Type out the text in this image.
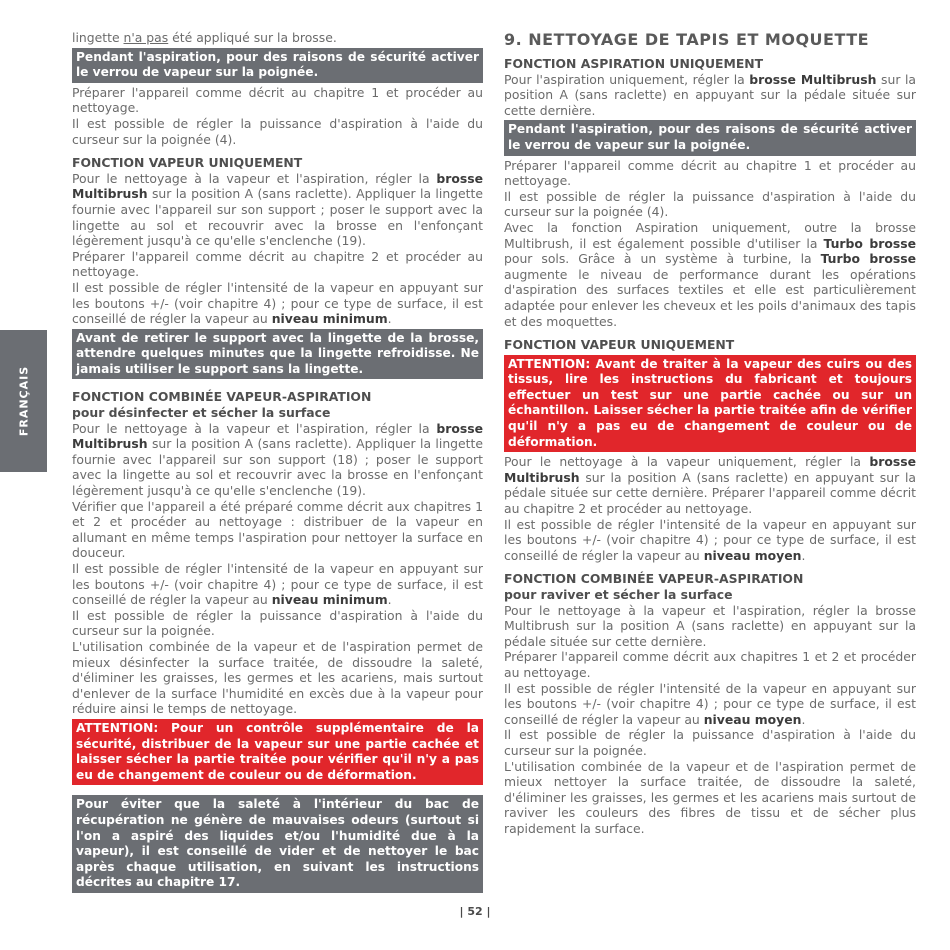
FRANÇAIS

lingette n'a pas été appliqué sur la brosse.

Pendant l'aspiration, pour des raisons de sécurité activer le verrou de vapeur sur la poignée.

Préparer l'appareil comme décrit au chapitre 1 et procéder au nettoyage.

Il est possible de régler la puissance d'aspiration à l'aide du curseur sur la poignée (4).

FONCTION VAPEUR UNIQUEMENT

Pour le nettoyage à la vapeur et l'aspiration, régler la brosse Multibrush sur la position A (sans raclette). Appliquer la lingette fournie avec l'appareil sur son support ; poser le support avec la lingette au sol et recouvrir avec la brosse en l'enfonçant légèrement jusqu'à ce qu'elle s'enclenche (19).

Préparer l'appareil comme décrit au chapitre 2 et procéder au nettoyage.

Il est possible de régler l'intensité de la vapeur en appuyant sur les boutons +/- (voir chapitre 4) ; pour ce type de surface, il est conseillé de régler la vapeur au niveau minimum.

Avant de retirer le support avec la lingette de la brosse, attendre quelques minutes que la lingette refroidisse. Ne jamais utiliser le support sans la lingette.
FONCTION COMBINÉE VAPEUR-ASPIRATION
pour désinfecter et sécher la surface

Pour le nettoyage à la vapeur et l'aspiration, régler la brosse Multibrush sur la position A (sans raclette). Appliquer la lingette fournie avec l'appareil sur son support (18) ; poser le support avec la lingette au sol et recouvrir avec la brosse en l'enfonçant légèrement jusqu'à ce qu'elle s'enclenche (19).

Vérifier que l'appareil a été préparé comme décrit aux chapitres 1 et 2 et procéder au nettoyage : distribuer de la vapeur en allumant en même temps l'aspiration pour nettoyer la surface en douceur.

Il est possible de régler l'intensité de la vapeur en appuyant sur les boutons +/- (voir chapitre 4) ; pour ce type de surface, il est conseillé de régler la vapeur au niveau minimum.

Il est possible de régler la puissance d'aspiration à l'aide du curseur sur la poignée.

L'utilisation combinée de la vapeur et de l'aspiration permet de mieux désinfecter la surface traitée, de dissoudre la saleté, d'éliminer les graisses, les germes et les acariens, mais surtout d'enlever de la surface l'humidité en excès due à la vapeur pour réduire ainsi le temps de nettoyage.

ATTENTION: Pour un contrôle supplémentaire de la sécurité, distribuer de la vapeur sur une partie cachée et laisser sécher la partie traitée pour vérifier qu'il n'y a pas eu de changement de couleur ou de déformation.
Pour éviter que la saleté à l'intérieur du bac de récupération ne génère de mauvaises odeurs (surtout si l'on a aspiré des liquides et/ou l'humidité due à la vapeur), il est conseillé de vider et de nettoyer le bac après chaque utilisation, en suivant les instructions décrites au chapitre 17.
9. NETTOYAGE DE TAPIS ET MOQUETTE
FONCTION ASPIRATION UNIQUEMENT

Pour l'aspiration uniquement, régler la brosse Multibrush sur la position A (sans raclette) en appuyant sur la pédale située sur cette dernière.

Pendant l'aspiration, pour des raisons de sécurité activer le verrou de vapeur sur la poignée.

Préparer l'appareil comme décrit au chapitre 1 et procéder au nettoyage.

Il est possible de régler la puissance d'aspiration à l'aide du curseur sur la poignée (4).

Avec la fonction Aspiration uniquement, outre la brosse Multibrush, il est également possible d'utiliser la Turbo brosse pour sols. Grâce à un système à turbine, la Turbo brosse augmente le niveau de performance durant les opérations d'aspiration des surfaces textiles et elle est particulièrement adaptée pour enlever les cheveux et les poils d'animaux des tapis et des moquettes.

FONCTION VAPEUR UNIQUEMENT
ATTENTION: Avant de traiter à la vapeur des cuirs ou des tissus, lire les instructions du fabricant et toujours effectuer un test sur une partie cachée ou sur un échantillon. Laisser sécher la partie traitée afin de vérifier qu'il n'y a pas eu de changement de couleur ou de déformation.

Pour le nettoyage à la vapeur uniquement, régler la brosse Multibrush sur la position A (sans raclette) en appuyant sur la pédale située sur cette dernière. Préparer l'appareil comme décrit au chapitre 2 et procéder au nettoyage.

Il est possible de régler l'intensité de la vapeur en appuyant sur les boutons +/- (voir chapitre 4) ; pour ce type de surface, il est conseillé de régler la vapeur au niveau moyen.

FONCTION COMBINÉE VAPEUR-ASPIRATION
pour raviver et sécher la surface

Pour le nettoyage à la vapeur et l'aspiration, régler la brosse Multibrush sur la position A (sans raclette) en appuyant sur la pédale située sur cette dernière.

Préparer l'appareil comme décrit aux chapitres 1 et 2 et procéder au nettoyage.

Il est possible de régler l'intensité de la vapeur en appuyant sur les boutons +/- (voir chapitre 4) ; pour ce type de surface, il est conseillé de régler la vapeur au niveau moyen.

Il est possible de régler la puissance d'aspiration à l'aide du curseur sur la poignée.

L'utilisation combinée de la vapeur et de l'aspiration permet de mieux nettoyer la surface traitée, de dissoudre la saleté, d'éliminer les graisses, les germes et les acariens mais surtout de raviver les couleurs des fibres de tissu et de sécher plus rapidement la surface.

| 52 |
